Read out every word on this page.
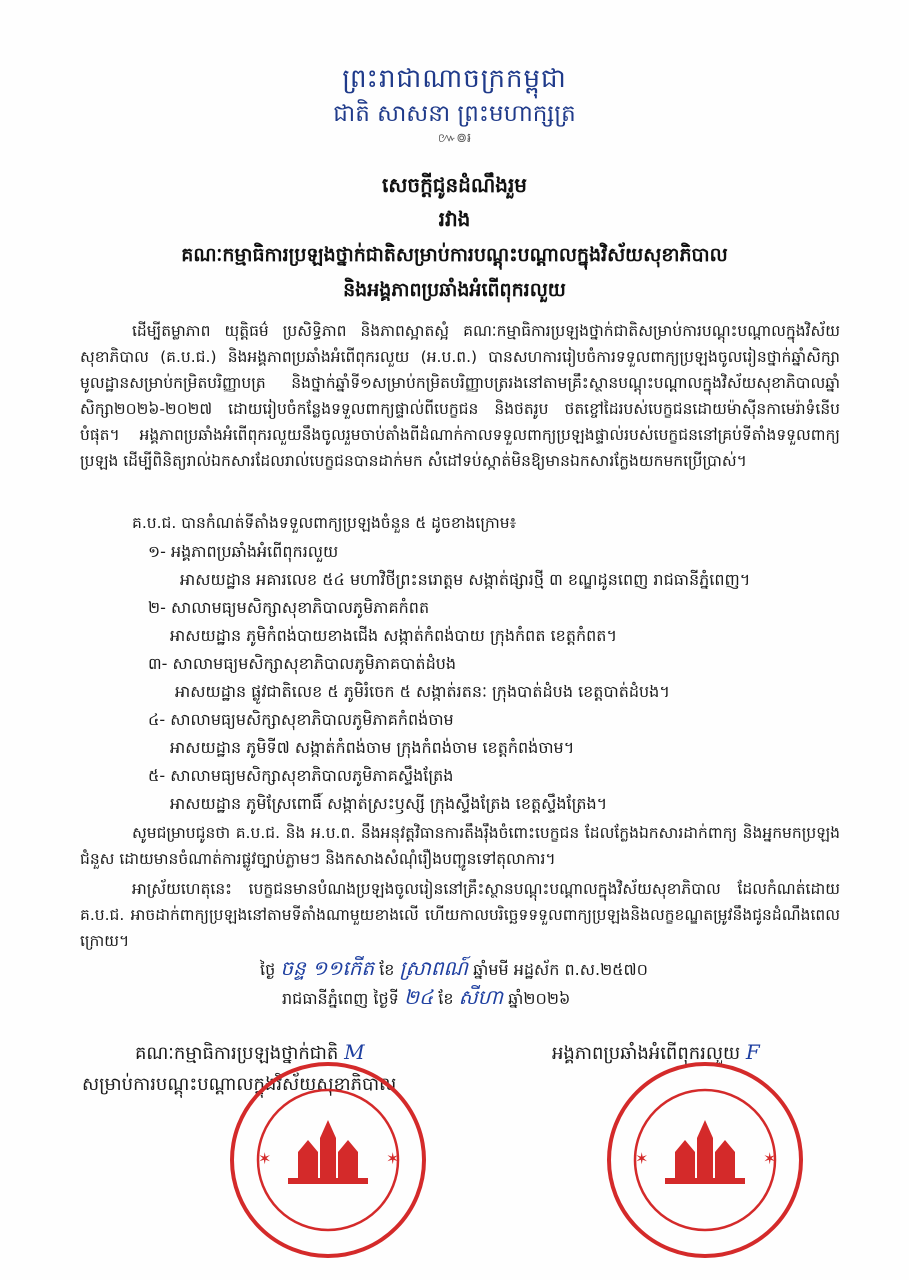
ព្រះរាជាណាចក្រកម្ពុជា
ជាតិ សាសនា ព្រះមហាក្សត្រ
៚៙៛
សេចក្តីជូនដំណឹងរួម
រវាង
គណៈកម្មាធិការប្រឡងថ្នាក់ជាតិសម្រាប់ការបណ្តុះបណ្តាលក្នុងវិស័យសុខាភិបាល
និងអង្គភាពប្រឆាំងអំពើពុករលួយ
ដើម្បីតម្លាភាព យុត្តិធម៌ ប្រសិទ្ធិភាព និងភាពស្អាតស្អំ គណៈកម្មាធិការប្រឡងថ្នាក់ជាតិសម្រាប់ការបណ្តុះបណ្តាលក្នុងវិស័យសុខាភិបាល (គ.ប.ជ.) និងអង្គភាពប្រឆាំងអំពើពុករលួយ (អ.ប.ព.) បានសហការរៀបចំការទទួលពាក្យប្រឡងចូលរៀនថ្នាក់ឆ្នាំសិក្សាមូលដ្ឋានសម្រាប់កម្រិតបរិញ្ញាបត្រ និងថ្នាក់ឆ្នាំទី១សម្រាប់កម្រិតបរិញ្ញាបត្ររងនៅតាមគ្រឹះស្ថានបណ្តុះបណ្តាលក្នុងវិស័យសុខាភិបាលឆ្នាំសិក្សា២០២៦-២០២៧ ដោយរៀបចំកន្លែងទទួលពាក្យផ្ទាល់ពីបេក្ខជន និងថតរូប ថតខ្ចៅដៃរបស់បេក្ខជនដោយម៉ាស៊ីនកាមេរ៉ាទំនើបបំផុត។ អង្គភាពប្រឆាំងអំពើពុករលួយនឹងចូលរួមចាប់តាំងពីដំណាក់កាលទទួលពាក្យប្រឡងផ្ទាល់របស់បេក្ខជននៅគ្រប់ទីតាំងទទួលពាក្យប្រឡង ដើម្បីពិនិត្យរាល់ឯកសារដែលរាល់បេក្ខជនបានដាក់មក សំដៅទប់ស្កាត់មិនឱ្យមានឯកសារក្លែងយកមកប្រើប្រាស់។
គ.ប.ជ. បានកំណត់ទីតាំងទទួលពាក្យប្រឡងចំនួន ៥ ដូចខាងក្រោម៖
១- អង្គភាពប្រឆាំងអំពើពុករលួយ
អាសយដ្ឋាន អគារលេខ ៥៤ មហាវិថីព្រះនរោត្តម សង្កាត់ផ្សារថ្មី ៣ ខណ្ឌដូនពេញ រាជធានីភ្នំពេញ។
២- សាលាមធ្យមសិក្សាសុខាភិបាលភូមិភាគកំពត
អាសយដ្ឋាន ភូមិកំពង់បាយខាងជើង សង្កាត់កំពង់បាយ ក្រុងកំពត ខេត្តកំពត។
៣- សាលាមធ្យមសិក្សាសុខាភិបាលភូមិភាគបាត់ដំបង
អាសយដ្ឋាន ផ្លូវជាតិលេខ ៥ ភូមិរំចេក ៥ សង្កាត់រតនៈ ក្រុងបាត់ដំបង ខេត្តបាត់ដំបង។
៤- សាលាមធ្យមសិក្សាសុខាភិបាលភូមិភាគកំពង់ចាម
អាសយដ្ឋាន ភូមិទី៧ សង្កាត់កំពង់ចាម ក្រុងកំពង់ចាម ខេត្តកំពង់ចាម។
៥- សាលាមធ្យមសិក្សាសុខាភិបាលភូមិភាគស្ទឹងត្រែង
អាសយដ្ឋាន ភូមិស្រែពោធិ៍ សង្កាត់ស្រះឫស្សី ក្រុងស្ទឹងត្រែង ខេត្តស្ទឹងត្រែង។
សូមជម្រាបជូនថា គ.ប.ជ. និង អ.ប.ព. នឹងអនុវត្តវិធានការតឹងរ៉ឹងចំពោះបេក្ខជន ដែលក្លែងឯកសារដាក់ពាក្យ និងអ្នកមកប្រឡងជំនួស ដោយមានចំណាត់ការផ្លូវច្បាប់ភ្លាមៗ និងកសាងសំណុំរឿងបញ្ជូនទៅតុលាការ។
អាស្រ័យហេតុនេះ បេក្ខជនមានបំណងប្រឡងចូលរៀននៅគ្រឹះស្ថានបណ្តុះបណ្តាលក្នុងវិស័យសុខាភិបាល ដែលកំណត់ដោយ គ.ប.ជ. អាចដាក់ពាក្យប្រឡងនៅតាមទីតាំងណាមួយខាងលើ ហើយកាលបរិច្ឆេទទទួលពាក្យប្រឡងនិងលក្ខខណ្ឌតម្រូវនឹងជូនដំណឹងពេលក្រោយ។
ថ្ងៃ ចន្ទ ១១កើត ខែ ស្រាពណ៍ ឆ្នាំមមី អដ្ឋស័ក ព.ស.២៥៧០
រាជធានីភ្នំពេញ ថ្ងៃទី ២៤ ខែ សីហា ឆ្នាំ២០២៦
គណៈកម្មាធិការប្រឡងថ្នាក់ជាតិ M
សម្រាប់ការបណ្តុះបណ្តាលក្នុងវិស័យសុខាភិបាល
អង្គភាពប្រឆាំងអំពើពុករលួយ F
✶	✶	✶	✶
